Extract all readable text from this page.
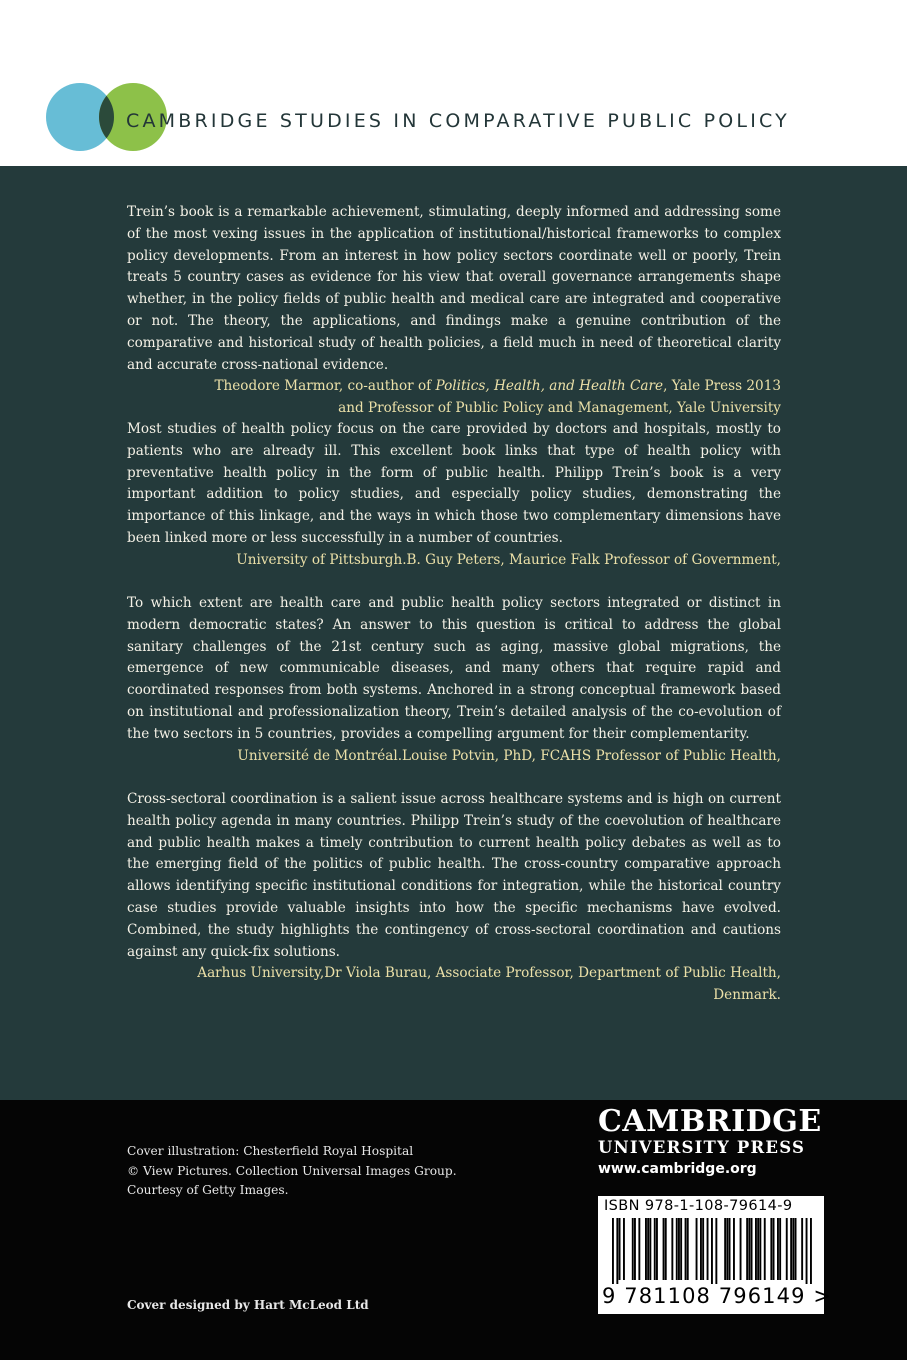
CAMBRIDGE STUDIES IN COMPARATIVE PUBLIC POLICY

Trein’s book is a remarkable achievement, stimulating, deeply informed and addressing some of the most vexing issues in the application of institutional/historical frameworks to complex policy developments. From an interest in how policy sectors coordinate well or poorly, Trein treats 5 country cases as evidence for his view that overall governance arrangements shape whether, in the policy fields of public health and medical care are integrated and cooperative or not. The theory, the applications, and findings make a genuine contribution of the comparative and historical study of health policies, a field much in need of theoretical clarity and accurate cross-national evidence.

Theodore Marmor, co-author of Politics, Health, and Health Care, Yale Press 2013
and Professor of Public Policy and Management, Yale University

Most studies of health policy focus on the care provided by doctors and hospitals, mostly to patients who are already ill. This excellent book links that type of health policy with preventative health policy in the form of public health. Philipp Trein’s book is a very important addition to policy studies, and especially policy studies, demonstrating the importance of this linkage, and the ways in which those two complementary dimensions have been linked more or less successfully in a number of countries.
B. Guy Peters, Maurice Falk Professor of Government,

University of Pittsburgh.

To which extent are health care and public health policy sectors integrated or distinct in modern democratic states? An answer to this question is critical to address the global sanitary challenges of the 21st century such as aging, massive global migrations, the emergence of new communicable diseases, and many others that require rapid and coordinated responses from both systems. Anchored in a strong conceptual framework based on institutional and professionalization theory, Trein’s detailed analysis of the co-evolution of the two sectors in 5 countries, provides a compelling argument for their complementarity.
Louise Potvin, PhD, FCAHS Professor of Public Health,

Université de Montréal.

Cross-sectoral coordination is a salient issue across healthcare systems and is high on current health policy agenda in many countries. Philipp Trein’s study of the coevolution of healthcare and public health makes a timely contribution to current health policy debates as well as to the emerging field of the politics of public health. The cross-country comparative approach allows identifying specific institutional conditions for integration, while the historical country case studies provide valuable insights into how the specific mechanisms have evolved. Combined, the study highlights the contingency of cross-sectoral coordination and cautions against any quick-fix solutions.
Dr Viola Burau, Associate Professor, Department of Public Health,

Aarhus University, Denmark.
Cover illustration: Chesterfield Royal Hospital
© View Pictures. Collection Universal Images Group.
Courtesy of Getty Images.
Cover designed by Hart McLeod Ltd
CAMBRIDGE
UNIVERSITY PRESS
www.cambridge.org
ISBN 978-1-108-79614-9
9 781108 796149 >
